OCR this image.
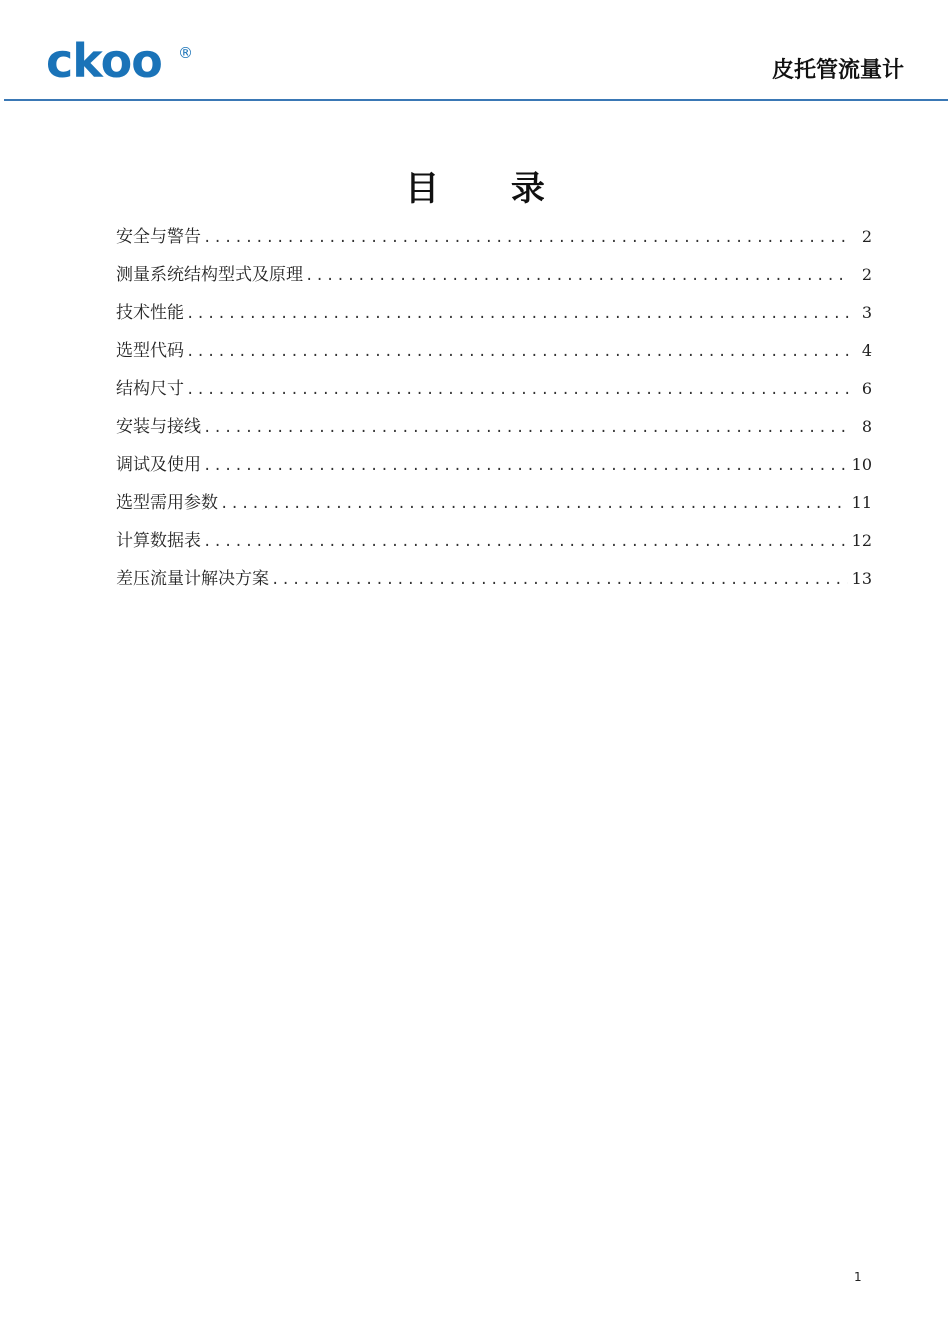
ckoo ®
皮托管流量计
目 录
安全与警告 .....	2
测量系统结构型式及原理 .....	2
技术性能 .....	3
选型代码 .....	4
结构尺寸 .....	6
安装与接线 .....	8
调试及使用 .....	10
选型需用参数 .....	11
计算数据表 .....	12
差压流量计解决方案 .....	13
1
